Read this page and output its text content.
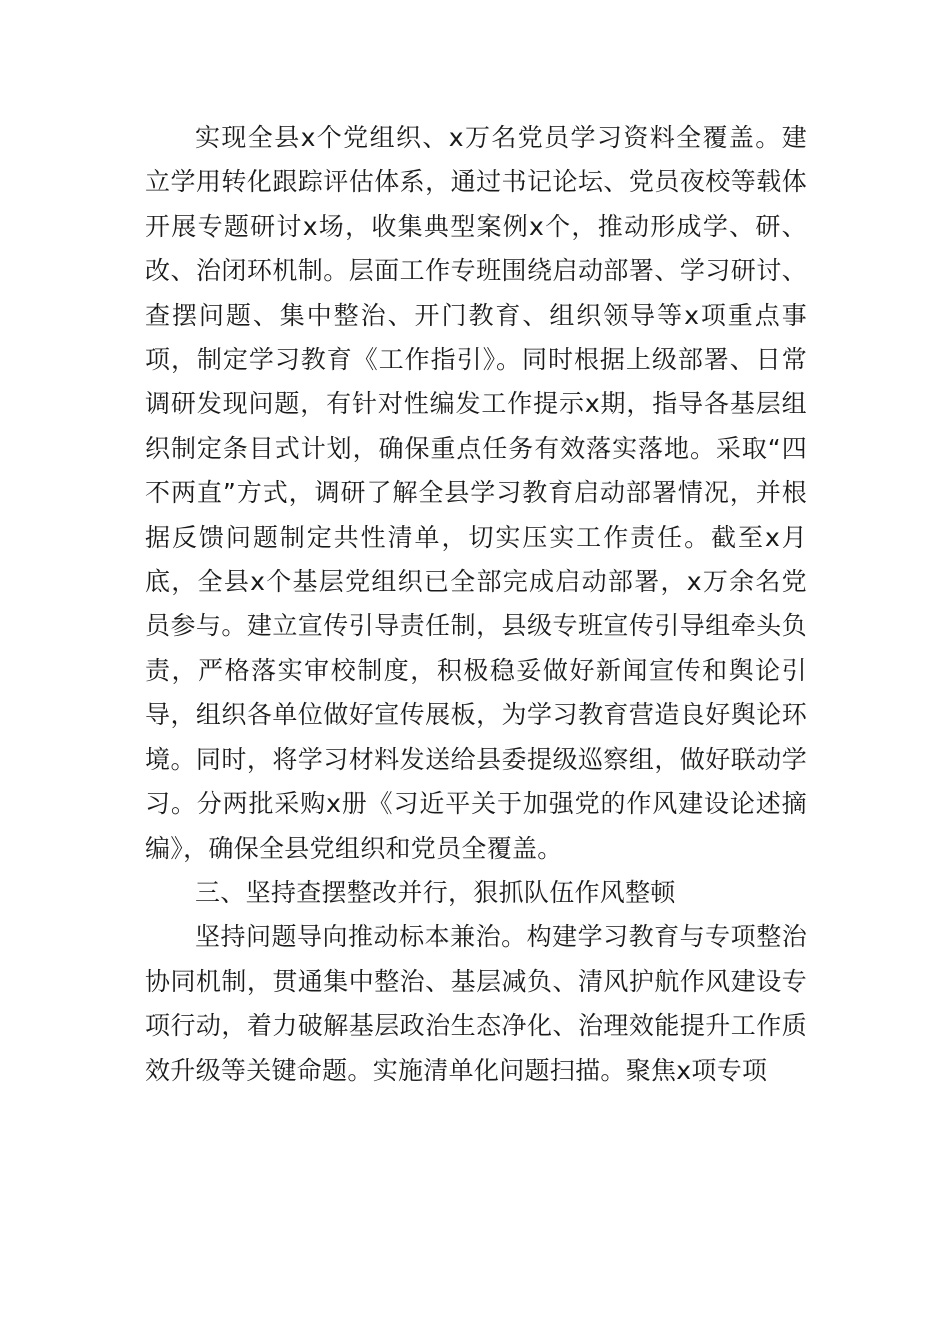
实现全县x个党组织、x万名党员学习资料全覆盖。建立学用转化跟踪评估体系，通过书记论坛、党员夜校等载体开展专题研讨x场，收集典型案例x个，推动形成学、研、改、治闭环机制。层面工作专班围绕启动部署、学习研讨、查摆问题、集中整治、开门教育、组织领导等x项重点事项，制定学习教育《工作指引》。同时根据上级部署、日常调研发现问题，有针对性编发工作提示x期，指导各基层组织制定条目式计划，确保重点任务有效落实落地。采取“四不两直”方式，调研了解全县学习教育启动部署情况，并根据反馈问题制定共性清单，切实压实工作责任。截至x月底，全县x个基层党组织已全部完成启动部署，x万余名党员参与。建立宣传引导责任制，县级专班宣传引导组牵头负责，严格落实审校制度，积极稳妥做好新闻宣传和舆论引导，组织各单位做好宣传展板，为学习教育营造良好舆论环境。同时，将学习材料发送给县委提级巡察组，做好联动学习。分两批采购x册《习近平关于加强党的作风建设论述摘编》，确保全县党组织和党员全覆盖。

三、坚持查摆整改并行，狠抓队伍作风整顿

坚持问题导向推动标本兼治。构建学习教育与专项整治协同机制，贯通集中整治、基层减负、清风护航作风建设专项行动，着力破解基层政治生态净化、治理效能提升工作质效升级等关键命题。实施清单化问题扫描。聚焦x项专项
